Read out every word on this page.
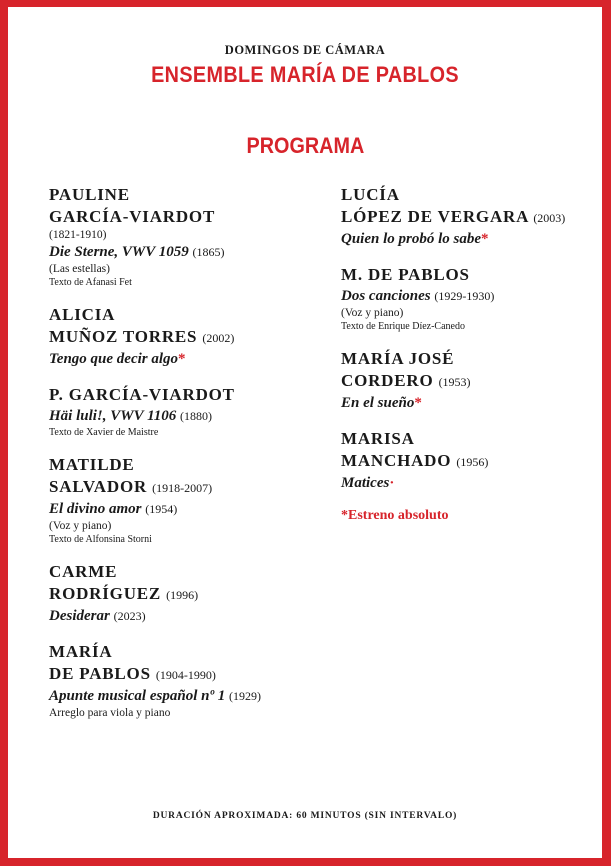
DOMINGOS DE CÁMARA
ENSEMBLE MARÍA DE PABLOS
PROGRAMA
PAULINE
GARCÍA-VIARDOT
(1821-1910)
Die Sterne, VWV 1059 (1865)
(Las estellas)
Texto de Afanasi Fet
ALICIA
MUÑOZ TORRES (2002)
Tengo que decir algo*
P. GARCÍA-VIARDOT
Häi luli!, VWV 1106 (1880)
Texto de Xavier de Maistre
MATILDE
SALVADOR (1918-2007)
El divino amor (1954)
(Voz y piano)
Texto de Alfonsina Storni
CARME
RODRÍGUEZ (1996)
Desiderar (2023)
MARÍA
DE PABLOS (1904-1990)
Apunte musical español nº 1 (1929)
Arreglo para viola y piano
LUCÍA
LÓPEZ DE VERGARA (2003)
Quien lo probó lo sabe*
M. DE PABLOS
Dos canciones (1929-1930)
(Voz y piano)
Texto de Enrique Díez-Canedo
MARÍA JOSÉ
CORDERO (1953)
En el sueño*
MARISA
MANCHADO (1956)
Matices·
*Estreno absoluto
DURACIÓN APROXIMADA: 60 MINUTOS (SIN INTERVALO)
